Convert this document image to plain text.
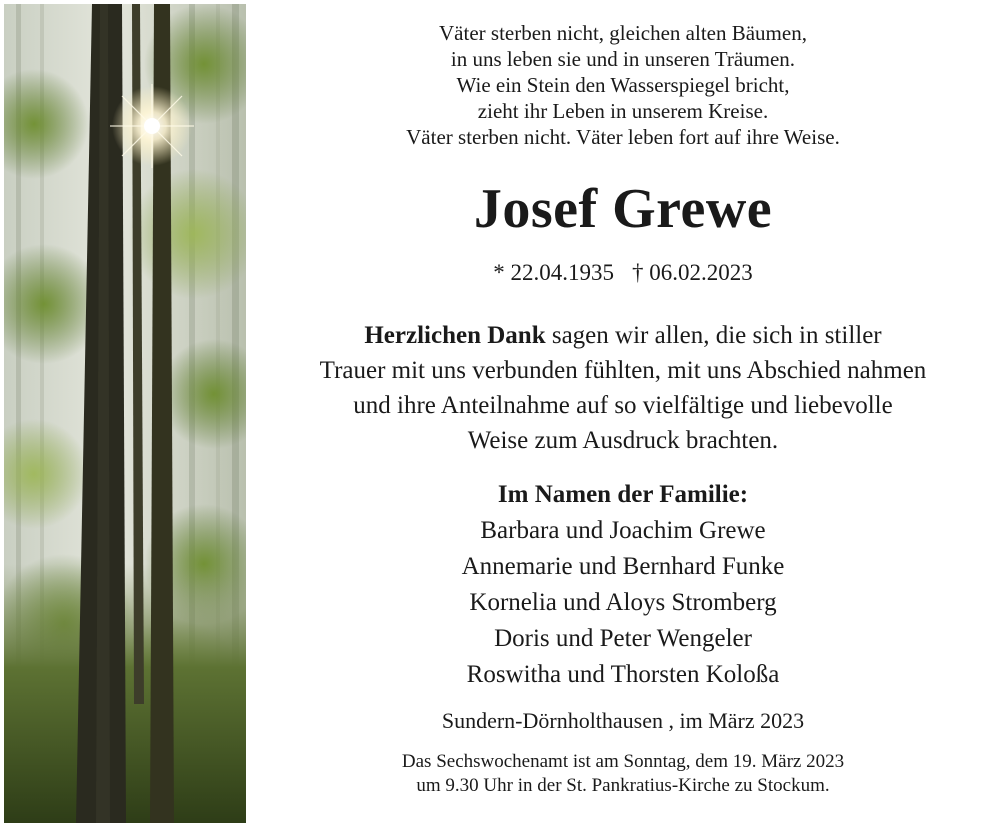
Väter sterben nicht, gleichen alten Bäumen,
in uns leben sie und in unseren Träumen.
Wie ein Stein den Wasserspiegel bricht,
zieht ihr Leben in unserem Kreise.
Väter sterben nicht. Väter leben fort auf ihre Weise.
Josef Grewe
* 22.04.1935 † 06.02.2023
Herzlichen Dank sagen wir allen, die sich in stiller
Trauer mit uns verbunden fühlten, mit uns Abschied nahmen
und ihre Anteilnahme auf so vielfältige und liebevolle
Weise zum Ausdruck brachten.
Im Namen der Familie:
Barbara und Joachim Grewe
Annemarie und Bernhard Funke
Kornelia und Aloys Stromberg
Doris und Peter Wengeler
Roswitha und Thorsten Koloßa
Sundern-Dörnholthausen , im März 2023
Das Sechswochenamt ist am Sonntag, dem 19. März 2023
um 9.30 Uhr in der St. Pankratius-Kirche zu Stockum.
